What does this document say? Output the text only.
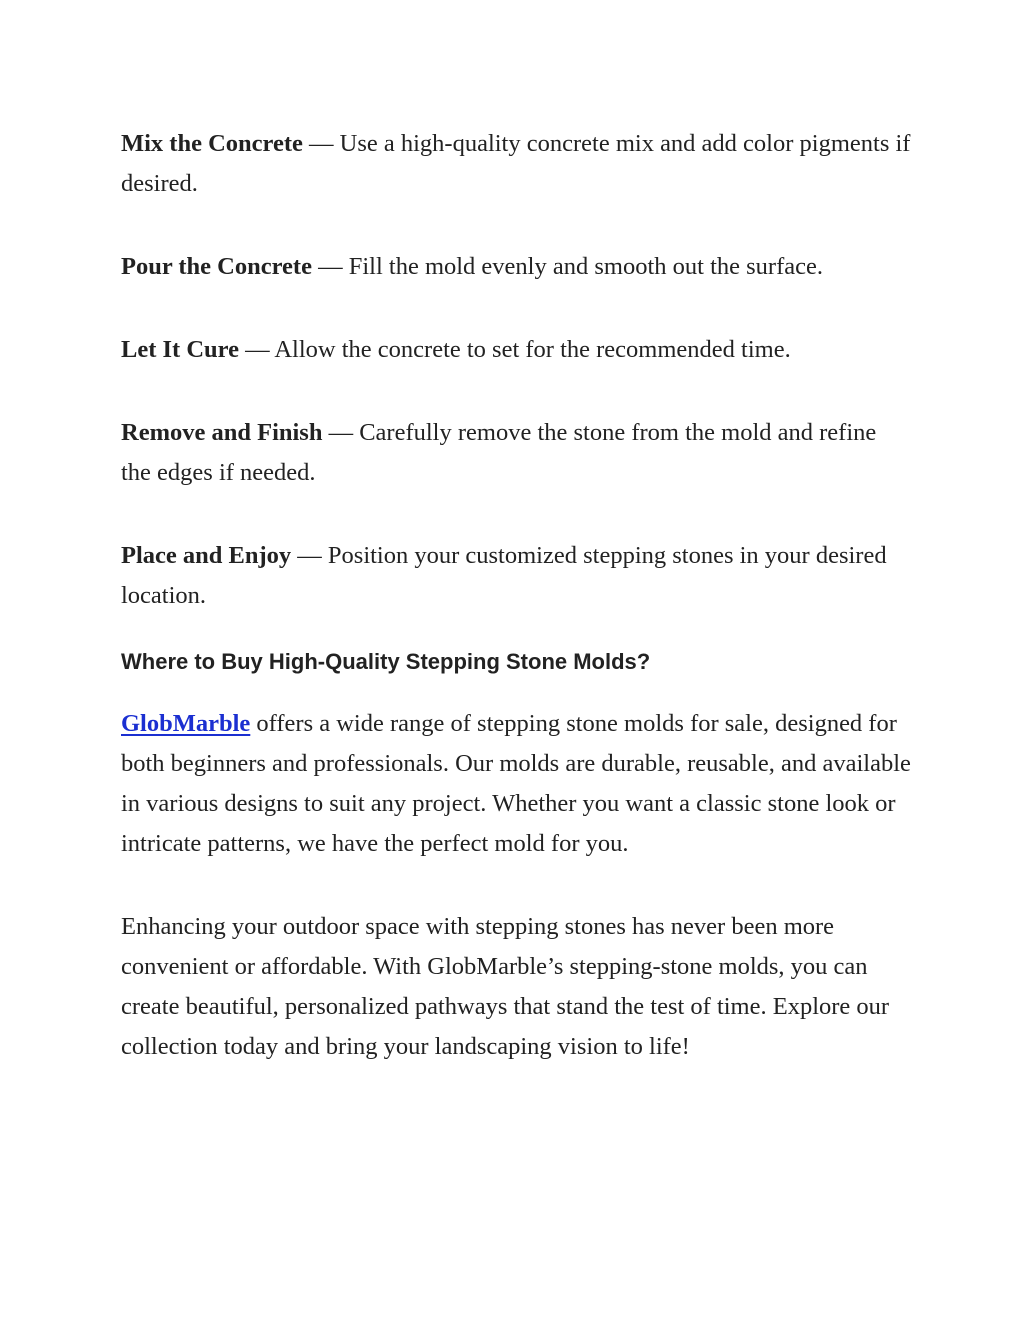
Mix the Concrete — Use a high-quality concrete mix and add color pigments if desired.

Pour the Concrete — Fill the mold evenly and smooth out the surface.

Let It Cure — Allow the concrete to set for the recommended time.

Remove and Finish — Carefully remove the stone from the mold and refine the edges if needed.

Place and Enjoy — Position your customized stepping stones in your desired location.

Where to Buy High-Quality Stepping Stone Molds?

GlobMarble offers a wide range of stepping stone molds for sale, designed for both beginners and professionals. Our molds are durable, reusable, and available in various designs to suit any project. Whether you want a classic stone look or intricate patterns, we have the perfect mold for you.

Enhancing your outdoor space with stepping stones has never been more convenient or affordable. With GlobMarble’s stepping-stone molds, you can create beautiful, personalized pathways that stand the test of time. Explore our collection today and bring your landscaping vision to life!
